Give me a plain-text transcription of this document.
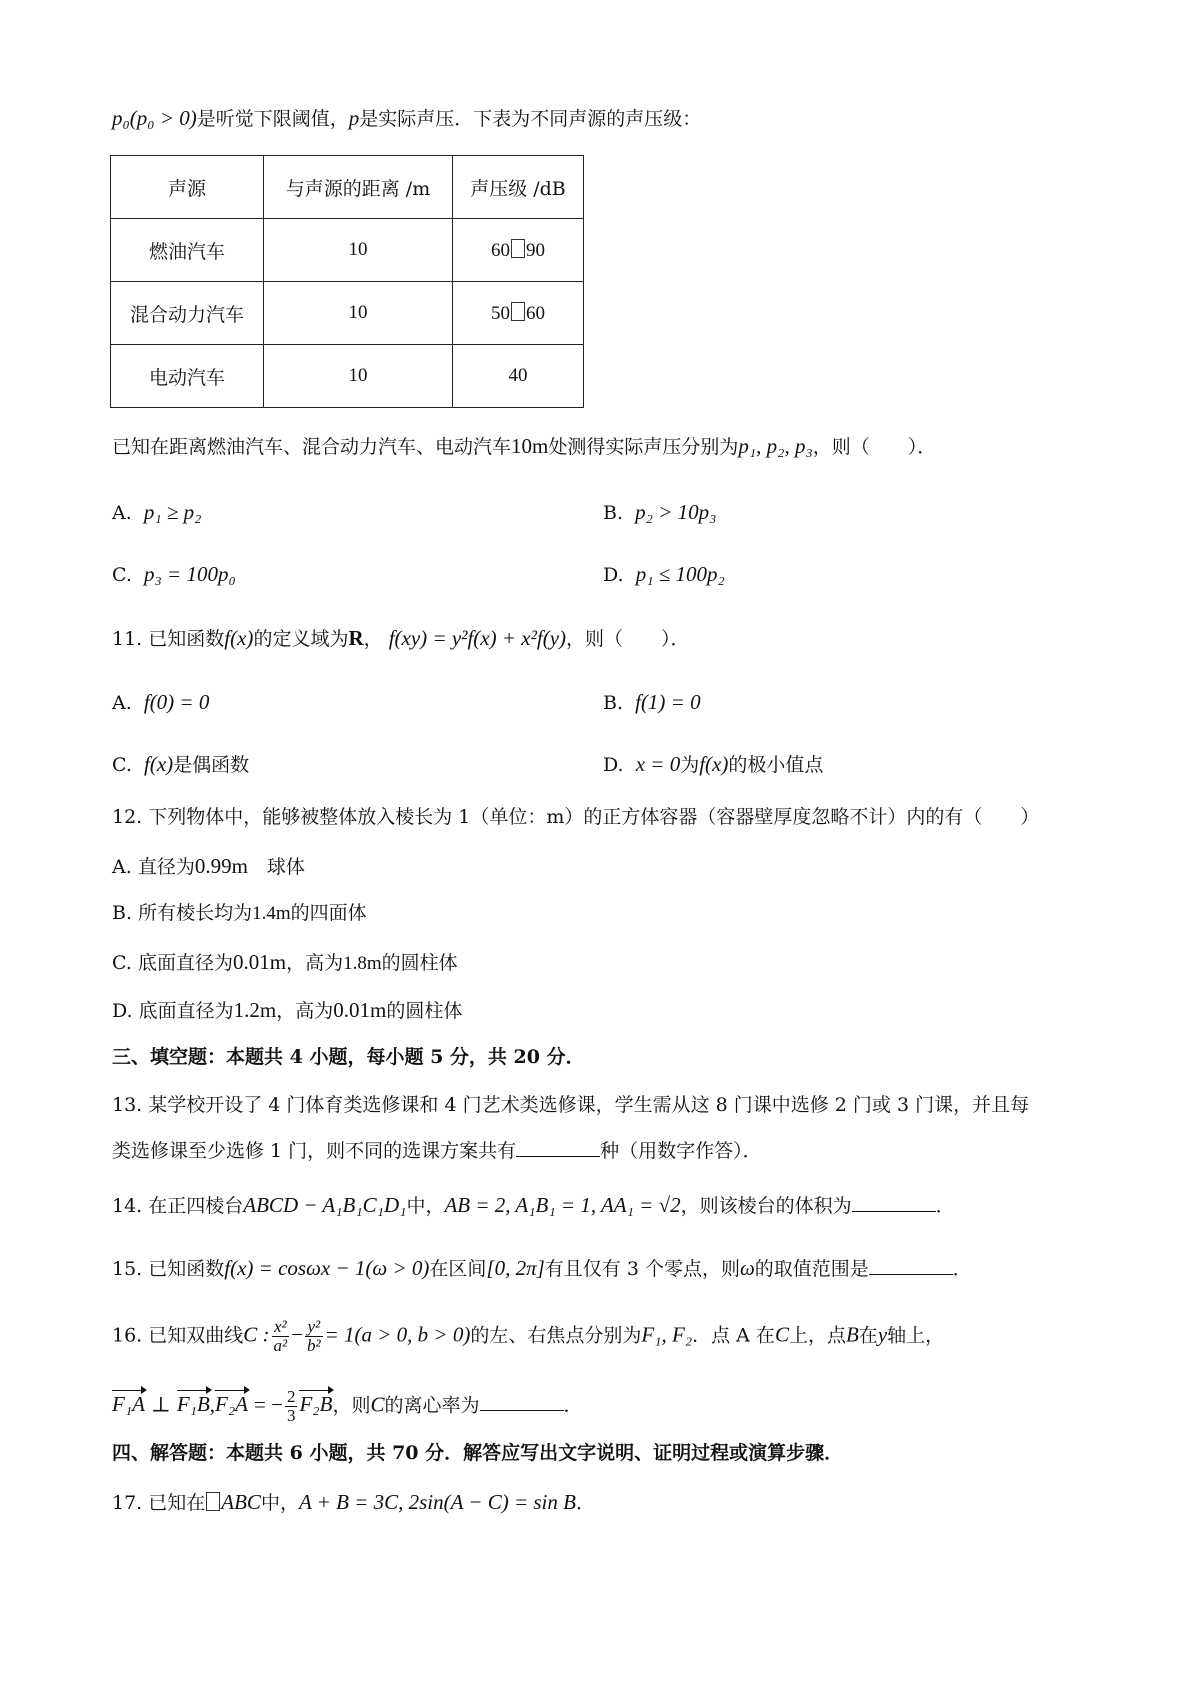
p₀(p₀ > 0)是听觉下限阈值，p是实际声压．下表为不同声源的声压级：
声源	与声源的距离 /m	声压级 /dB
燃油汽车	10	60 90
混合动力汽车	10	50 60
电动汽车	10	40
已知在距离燃油汽车、混合动力汽车、电动汽车10m处测得实际声压分别为p₁, p₂, p₃，则（　　）．
A. p₁ ≥ p₂	B. p₂ > 10p₃
C. p₃ = 100p₀	D. p₁ ≤ 100p₂
11. 已知函数f(x)的定义域为R， f(xy) = y²f(x) + x²f(y)，则（　　）．
A. f(0) = 0	B. f(1) = 0
C. f(x)是偶函数	D. x = 0为f(x)的极小值点
12. 下列物体中，能够被整体放入棱长为 1（单位：m）的正方体容器（容器壁厚度忽略不计）内的有（　　）
A. 直径为0.99m　球体
B. 所有棱长均为1.4m的四面体
C. 底面直径为0.01m，高为1.8m的圆柱体
D. 底面直径为1.2m，高为0.01m的圆柱体
三、填空题：本题共 4 小题，每小题 5 分，共 20 分．
13. 某学校开设了 4 门体育类选修课和 4 门艺术类选修课，学生需从这 8 门课中选修 2 门或 3 门课，并且每
类选修课至少选修 1 门，则不同的选课方案共有	种（用数字作答）．
14. 在正四棱台ABCD − A₁B₁C₁D₁中，AB = 2, A₁B₁ = 1, AA₁ = √2，则该棱台的体积为	．
15. 已知函数f(x) = cosωx − 1(ω > 0)在区间[0, 2π]有且仅有 3 个零点，则ω的取值范围是	．
16. 已知双曲线C : $\frac{\text{x²}}{\text{a²}} - \frac{\text{y²}}{\text{b²}} = 1(a > 0$, b > 0)的左、右焦点分别为F₁, F₂．点 A 在C上，点B在y轴上，
F₁A ⊥ F₁B,F₂A = − $\frac{2}{3} F_2B$，则C的离心率为	．
四、解答题：本题共 6 小题，共 70 分．解答应写出文字说明、证明过程或演算步骤．
17. 已知在 ABC中，A + B = 3C, 2sin(A − C) = sin B．
